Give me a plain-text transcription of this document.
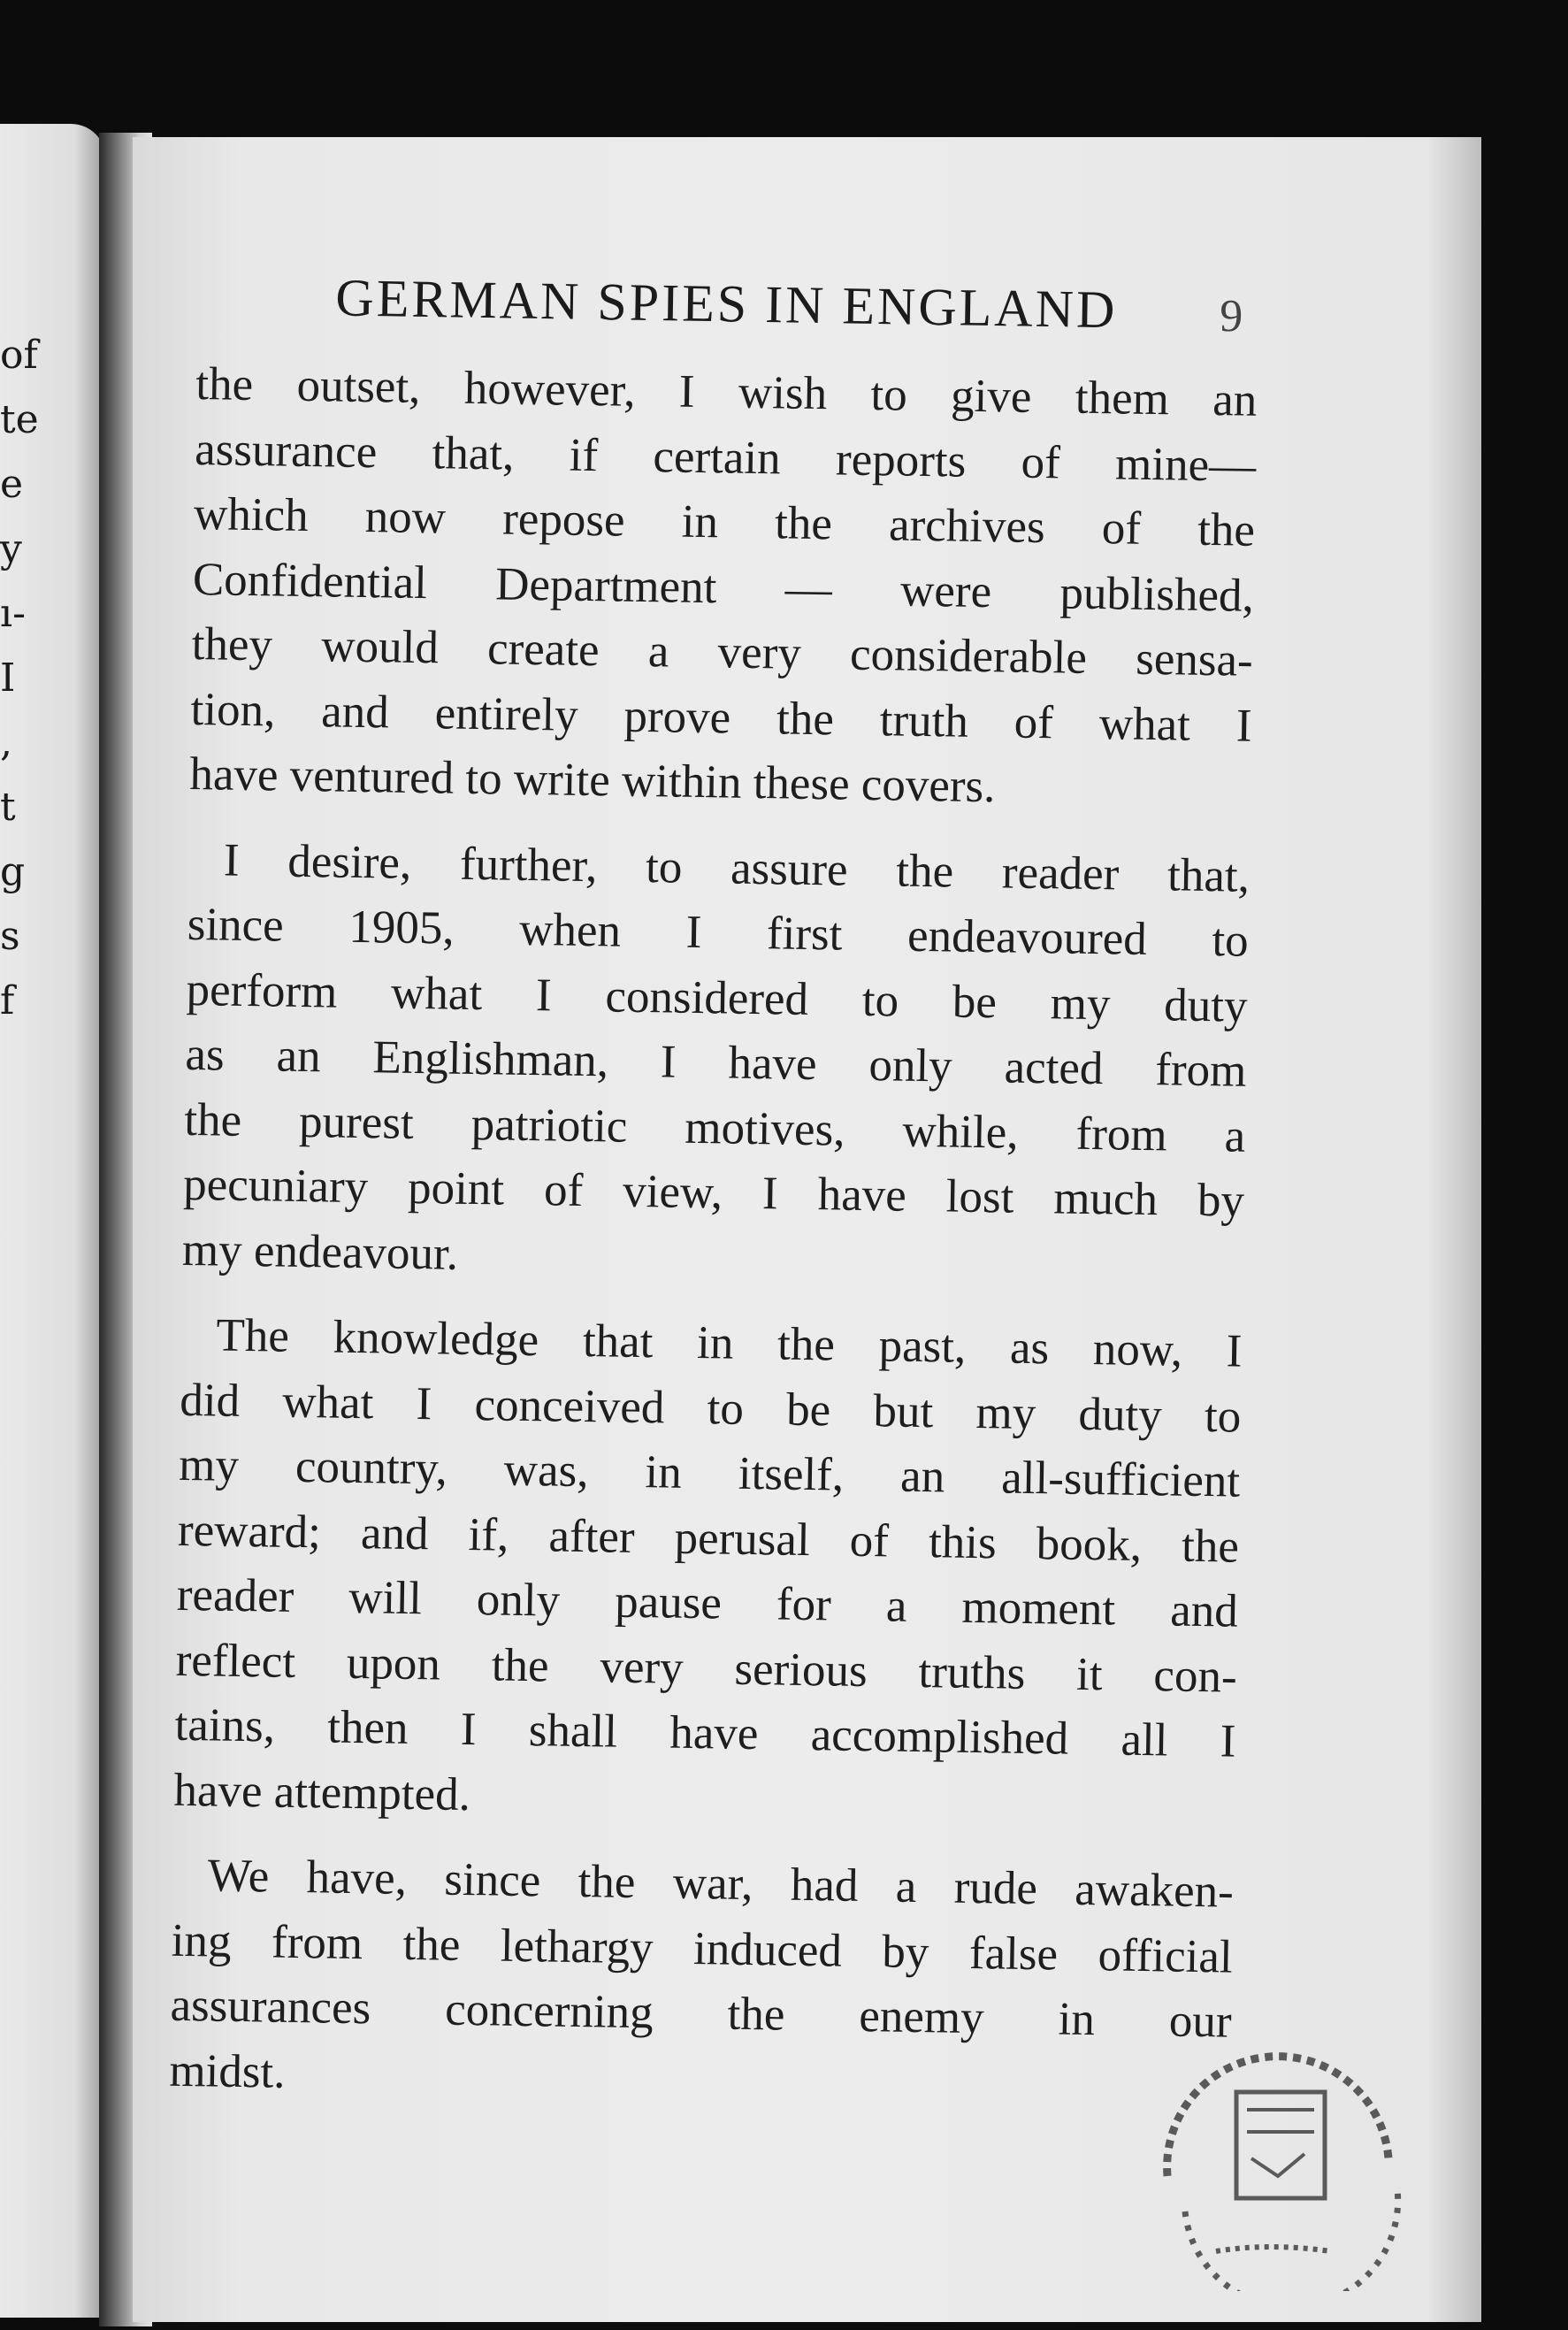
of
te
e
y
ı-
I
,
t
g
s
f
GERMAN SPIES IN ENGLAND 9
the outset, however, I wish to give them an
assurance that, if certain reports of mine—
which now repose in the archives of the
Confidential Department — were published,
they would create a very considerable sensa-
tion, and entirely prove the truth of what I
have ventured to write within these covers.
I desire, further, to assure the reader that,
since 1905, when I first endeavoured to
perform what I considered to be my duty
as an Englishman, I have only acted from
the purest patriotic motives, while, from a
pecuniary point of view, I have lost much by
my endeavour.
The knowledge that in the past, as now, I
did what I conceived to be but my duty to
my country, was, in itself, an all-sufficient
reward; and if, after perusal of this book, the
reader will only pause for a moment and
reflect upon the very serious truths it con-
tains, then I shall have accomplished all I
have attempted.
We have, since the war, had a rude awaken-
ing from the lethargy induced by false official
assurances concerning the enemy in our
midst.
